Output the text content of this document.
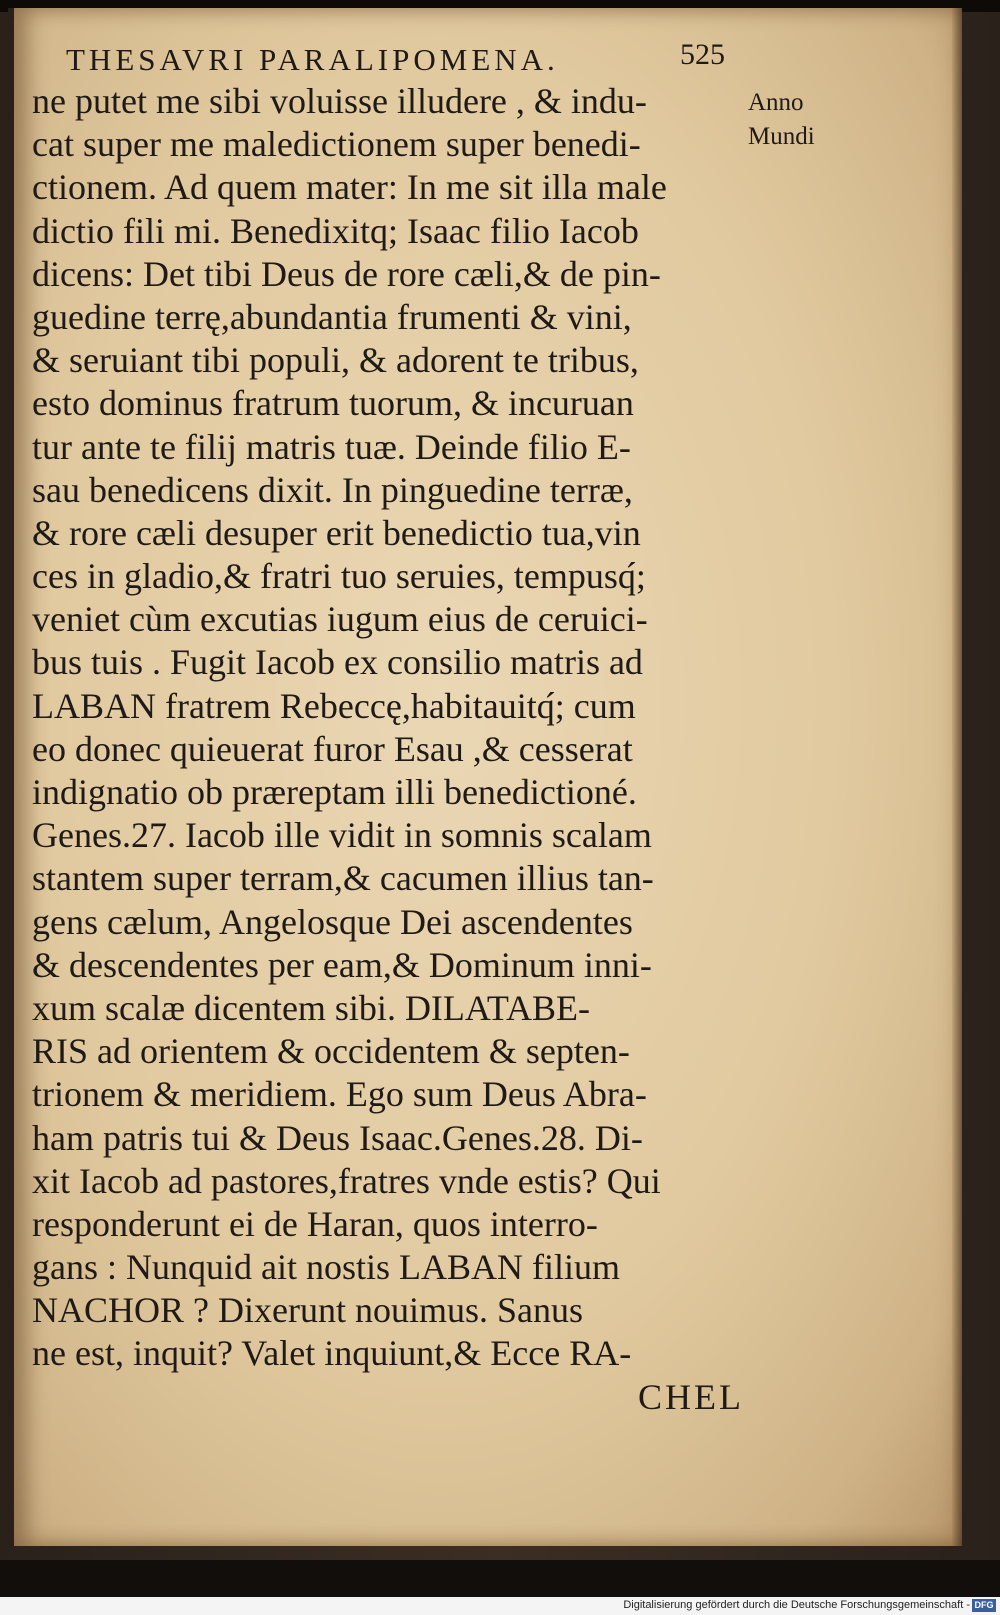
THESAVRI PARALIPOMENA.	525
Anno
Mundi
ne putet me sibi voluisse illudere , & indu-
cat super me maledictionem super benedi-
ctionem. Ad quem mater: In me sit illa male
dictio fili mi. Benedixitq; Isaac filio Iacob
dicens: Det tibi Deus de rore cæli,& de pin-
guedine terrę,abundantia frumenti & vini,
& seruiant tibi populi, & adorent te tribus,
esto dominus fratrum tuorum, & incuruan
tur ante te filij matris tuæ. Deinde filio E-
sau benedicens dixit. In pinguedine terræ,
& rore cæli desuper erit benedictio tua,vin
ces in gladio,& fratri tuo seruies, tempusq́;
veniet cùm excutias iugum eius de ceruici-
bus tuis . Fugit Iacob ex consilio matris ad
LABAN fratrem Rebeccę,habitauitq́; cum
eo donec quieuerat furor Esau ,& cesserat
indignatio ob præreptam illi benedictioné.
Genes.27. Iacob ille vidit in somnis scalam
stantem super terram,& cacumen illius tan-
gens cælum, Angelosque Dei ascendentes
& descendentes per eam,& Dominum inni-
xum scalæ dicentem sibi. DILATABE-
RIS ad orientem & occidentem & septen-
trionem & meridiem. Ego sum Deus Abra-
ham patris tui & Deus Isaac.Genes.28. Di-
xit Iacob ad pastores,fratres vnde estis? Qui
responderunt ei de Haran, quos interro-
gans : Nunquid ait nostis LABAN filium
NACHOR ? Dixerunt nouimus. Sanus
ne est, inquit? Valet inquiunt,& Ecce RA-
CHEL
Digitalisierung gefördert durch die Deutsche Forschungsgemeinschaft - DFG
